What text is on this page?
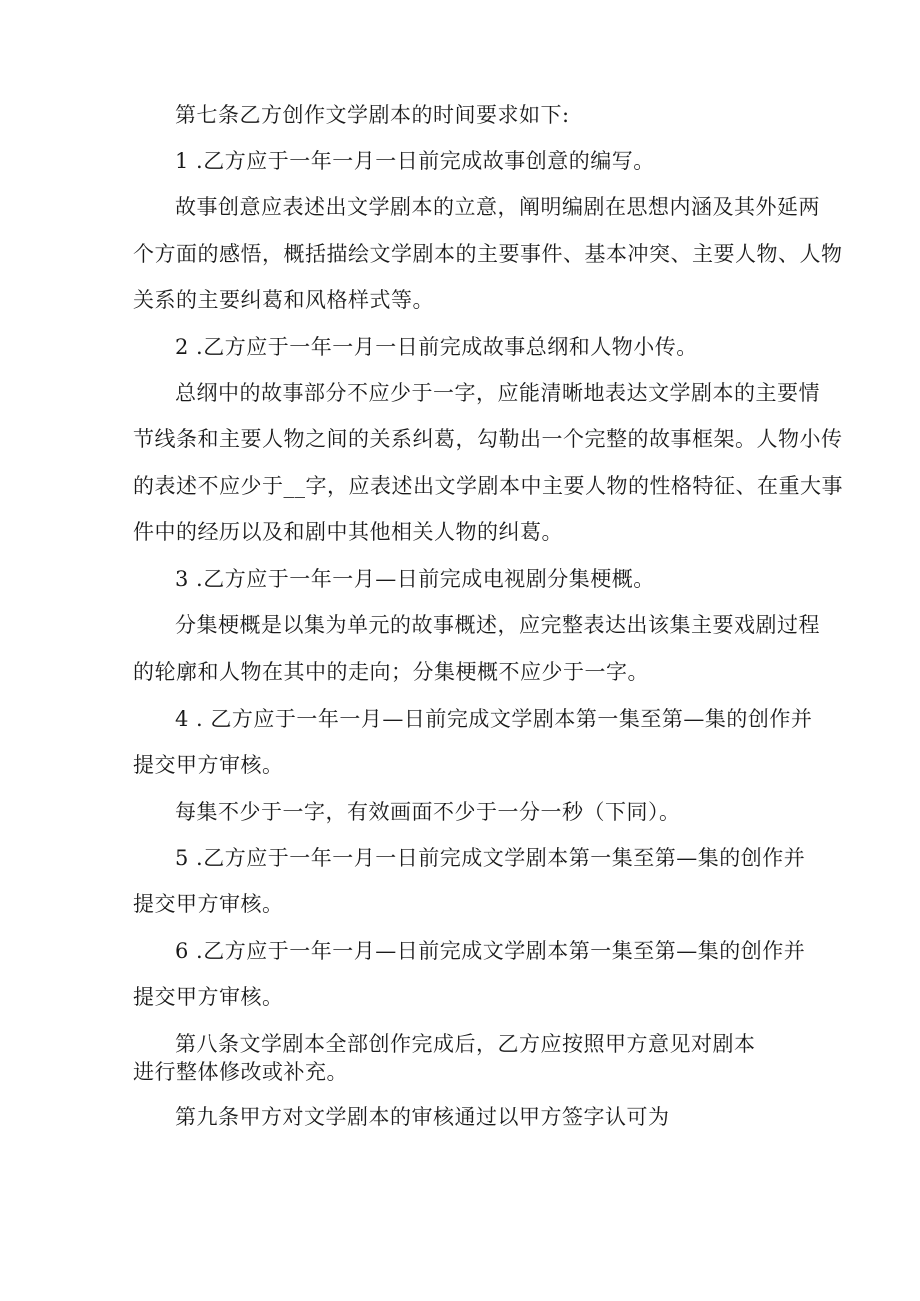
第七条乙方创作文学剧本的时间要求如下:
1 .乙方应于一年一月一日前完成故事创意的编写。
故事创意应表述出文学剧本的立意，阐明编剧在思想内涵及其外延两
个方面的感悟，概括描绘文学剧本的主要事件、基本冲突、主要人物、人物
关系的主要纠葛和风格样式等。
2 .乙方应于一年一月一日前完成故事总纲和人物小传。
总纲中的故事部分不应少于一字，应能清晰地表达文学剧本的主要情
节线条和主要人物之间的关系纠葛，勾勒出一个完整的故事框架。人物小传
的表述不应少于__字，应表述出文学剧本中主要人物的性格特征、在重大事
件中的经历以及和剧中其他相关人物的纠葛。
3 .乙方应于一年一月—日前完成电视剧分集梗概。
分集梗概是以集为单元的故事概述，应完整表达出该集主要戏剧过程
的轮廓和人物在其中的走向；分集梗概不应少于一字。
4 . 乙方应于一年一月—日前完成文学剧本第一集至第—集的创作并
提交甲方审核。
每集不少于一字，有效画面不少于一分一秒（下同）。
5 .乙方应于一年一月一日前完成文学剧本第一集至第—集的创作并
提交甲方审核。
6 .乙方应于一年一月—日前完成文学剧本第一集至第—集的创作并
提交甲方审核。
第八条文学剧本全部创作完成后，乙方应按照甲方意见对剧本
进行整体修改或补充。
第九条甲方对文学剧本的审核通过以甲方签字认可为
